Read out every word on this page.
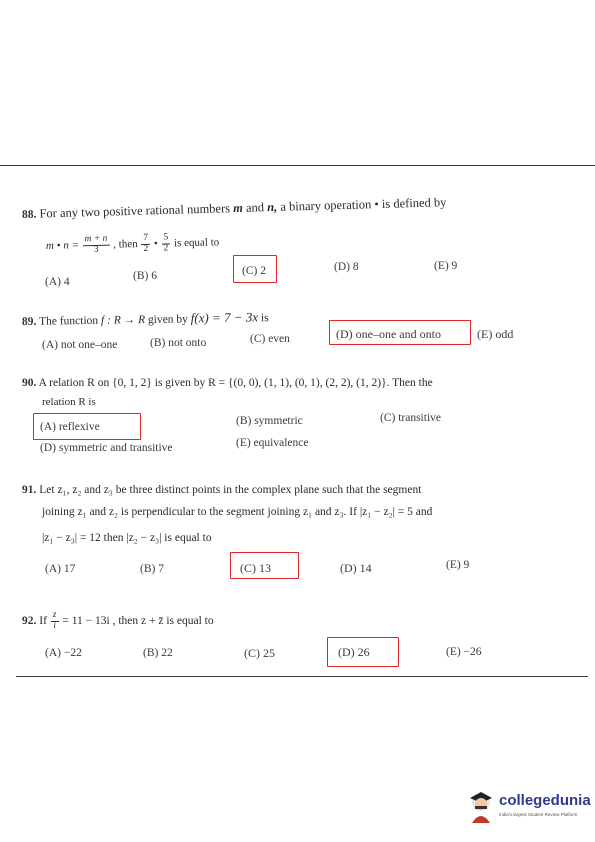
88. For any two positive rational numbers m and n, a binary operation • is defined by
m • $n = \frac{m + n}{3}$ , then $\frac{7}{2}$ • $\frac{5}{2}$ is equal to
(A) 4	(B) 6	(C) 2	(D) 8	(E) 9
89. The function f : R → R given by f(x) = 7 − 3x is
(A) not one–one	(B) not onto	(C) even	(D) one–one and onto	(E) odd
90. A relation R on {0, 1, 2} is given by R = {(0, 0), (1, 1), (0, 1), (2, 2), (1, 2)}. Then the
relation R is
(A) reflexive	(B) symmetric	(C) transitive
(D) symmetric and transitive	(E) equivalence
91. Let z₁, z₂ and z₃ be three distinct points in the complex plane such that the segment
joining z₁ and z₂ is perpendicular to the segment joining z₁ and z₃. If |z₁ − z₂| = 5 and
|z₁ − z₃| = 12 then |z₂ − z₃| is equal to
(A) 17	(B) 7	(C) 13	(D) 14	(E) 9
92. If $\frac{z}{i} = 11 - 13i$ , then z + z̄ is equal to
(A) −22	(B) 22	(C) 25	(D) 26	(E) −26
collegedunia
India's largest Student Review Platform
